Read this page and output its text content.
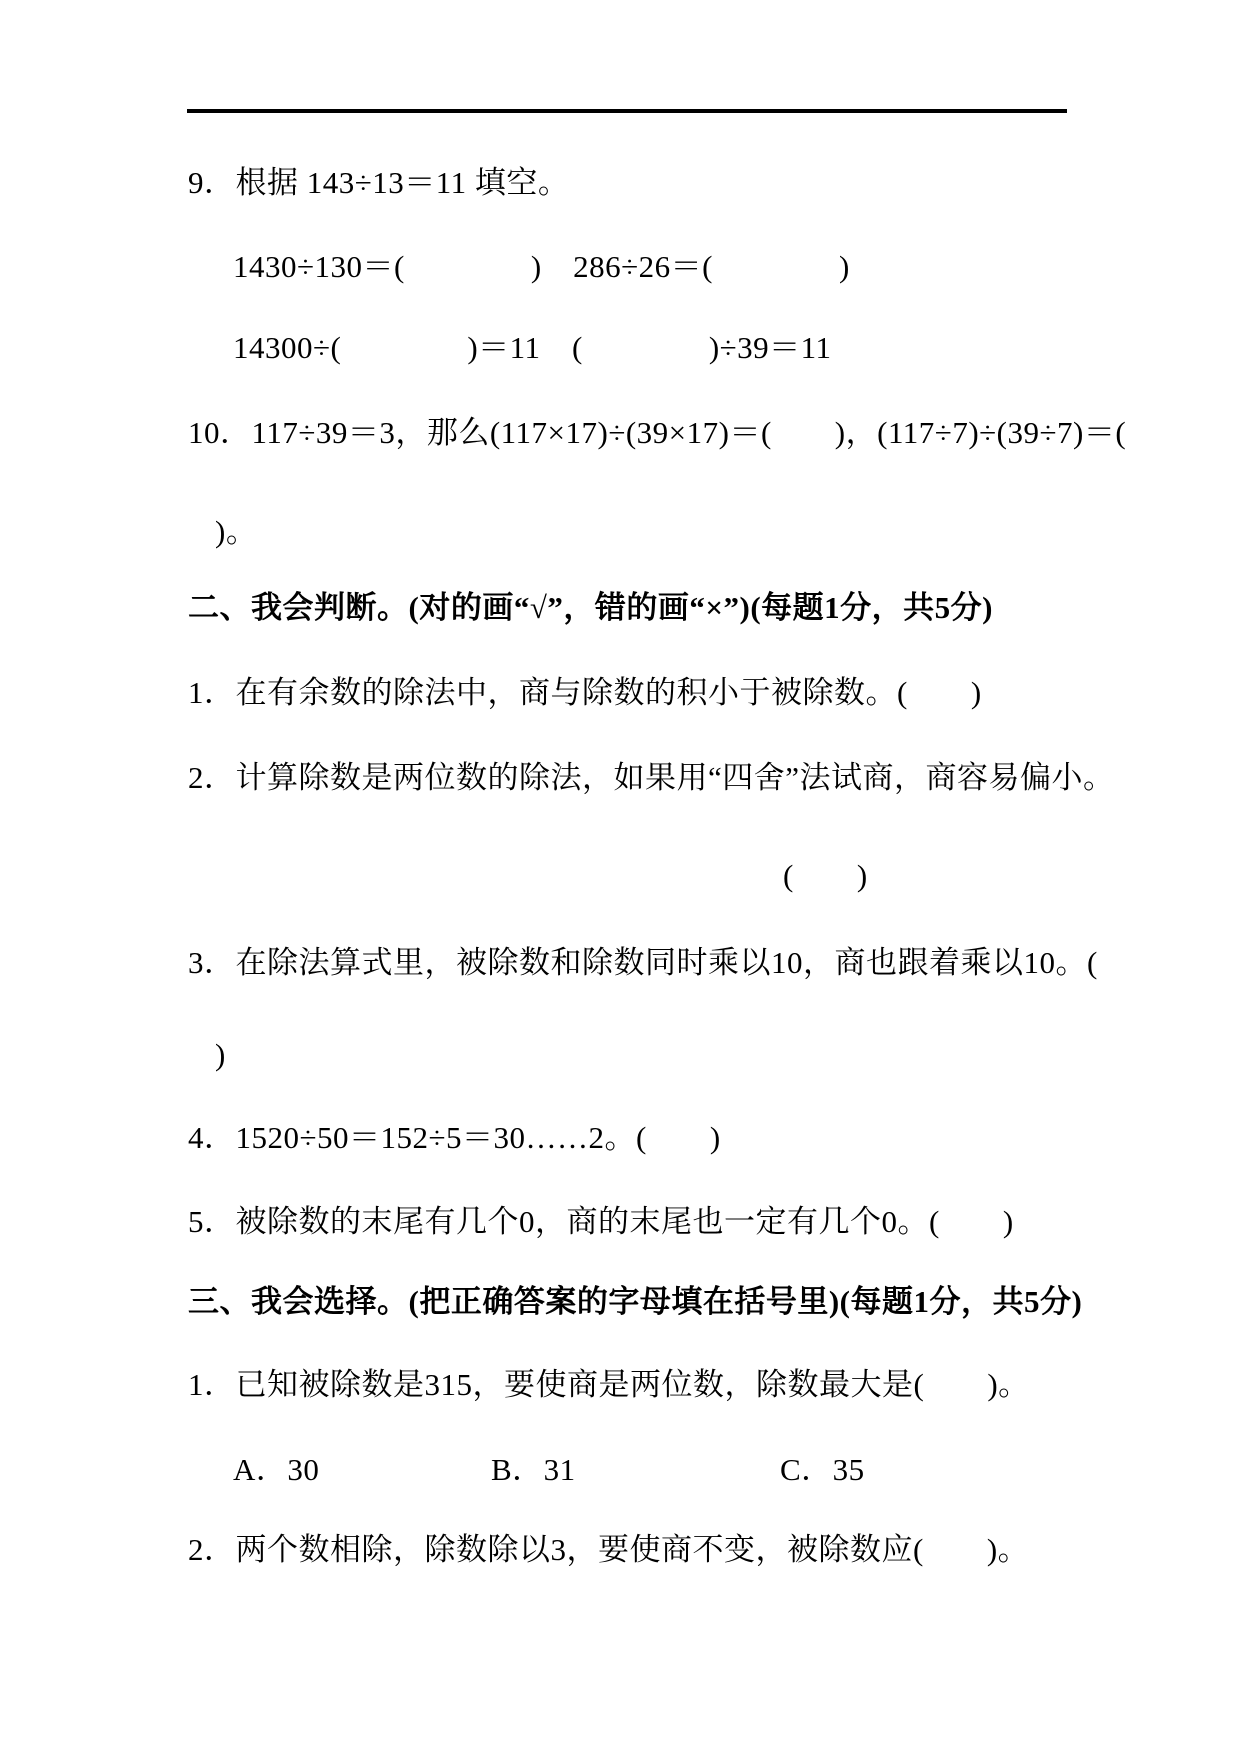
9．根据 143÷13＝11 填空。
1430÷130＝(　　　　)　286÷26＝(　　　　)
14300÷(　　　　)＝11　(　　　　)÷39＝11
10．117÷39＝3，那么(117×17)÷(39×17)＝(　　)，(117÷7)÷(39÷7)＝(
)。
二、我会判断。(对的画“√”，错的画“×”)(每题1分，共5分)
1．在有余数的除法中，商与除数的积小于被除数。(　　)
2．计算除数是两位数的除法，如果用“四舍”法试商，商容易偏小。
(　　)
3．在除法算式里，被除数和除数同时乘以10，商也跟着乘以10。(
)
4．1520÷50＝152÷5＝30……2。(　　)
5．被除数的末尾有几个0，商的末尾也一定有几个0。(　　)
三、我会选择。(把正确答案的字母填在括号里)(每题1分，共5分)
1．已知被除数是315，要使商是两位数，除数最大是(　　)。
A．30	B．31	C．35
2．两个数相除，除数除以3，要使商不变，被除数应(　　)。
